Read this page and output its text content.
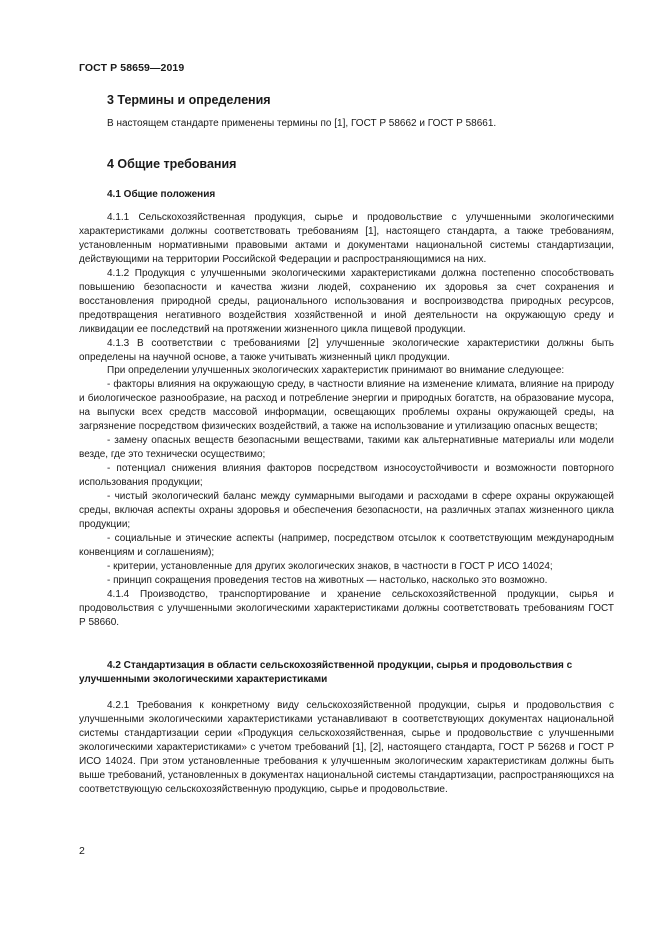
ГОСТ Р 58659—2019
3 Термины и определения

В настоящем стандарте применены термины по [1], ГОСТ Р 58662 и ГОСТ Р 58661.

4 Общие требования
4.1 Общие положения

4.1.1 Сельскохозяйственная продукция, сырье и продовольствие с улучшенными экологическими характеристиками должны соответствовать требованиям [1], настоящего стандарта, а также требованиям, установленным нормативными правовыми актами и документами национальной системы стандартизации, действующими на территории Российской Федерации и распространяющимися на них.

4.1.2 Продукция с улучшенными экологическими характеристиками должна постепенно способствовать повышению безопасности и качества жизни людей, сохранению их здоровья за счет сохранения и восстановления природной среды, рационального использования и воспроизводства природных ресурсов, предотвращения негативного воздействия хозяйственной и иной деятельности на окружающую среду и ликвидации ее последствий на протяжении жизненного цикла пищевой продукции.

4.1.3 В соответствии с требованиями [2] улучшенные экологические характеристики должны быть определены на научной основе, а также учитывать жизненный цикл продукции.

При определении улучшенных экологических характеристик принимают во внимание следующее:

- факторы влияния на окружающую среду, в частности влияние на изменение климата, влияние на природу и биологическое разнообразие, на расход и потребление энергии и природных богатств, на образование мусора, на выпуски всех средств массовой информации, освещающих проблемы охраны окружающей среды, на загрязнение посредством физических воздействий, а также на использование и утилизацию опасных веществ;

- замену опасных веществ безопасными веществами, такими как альтернативные материалы или модели везде, где это технически осуществимо;

- потенциал снижения влияния факторов посредством износоустойчивости и возможности повторного использования продукции;

- чистый экологический баланс между суммарными выгодами и расходами в сфере охраны окружающей среды, включая аспекты охраны здоровья и обеспечения безопасности, на различных этапах жизненного цикла продукции;

- социальные и этические аспекты (например, посредством отсылок к соответствующим международным конвенциям и соглашениям);

- критерии, установленные для других экологических знаков, в частности в ГОСТ Р ИСО 14024;

- принцип сокращения проведения тестов на животных — настолько, насколько это возможно.

4.1.4 Производство, транспортирование и хранение сельскохозяйственной продукции, сырья и продовольствия с улучшенными экологическими характеристиками должны соответствовать требованиям ГОСТ Р 58660.

4.2 Стандартизация в области сельскохозяйственной продукции, сырья и продовольствия с улучшенными экологическими характеристиками

4.2.1 Требования к конкретному виду сельскохозяйственной продукции, сырья и продовольствия с улучшенными экологическими характеристиками устанавливают в соответствующих документах национальной системы стандартизации серии «Продукция сельскохозяйственная, сырье и продовольствие с улучшенными экологическими характеристиками» с учетом требований [1], [2], настоящего стандарта, ГОСТ Р 56268 и ГОСТ Р ИСО 14024. При этом установленные требования к улучшенным экологическим характеристикам должны быть выше требований, установленных в документах национальной системы стандартизации, распространяющихся на соответствующую сельскохозяйственную продукцию, сырье и продовольствие.

2
